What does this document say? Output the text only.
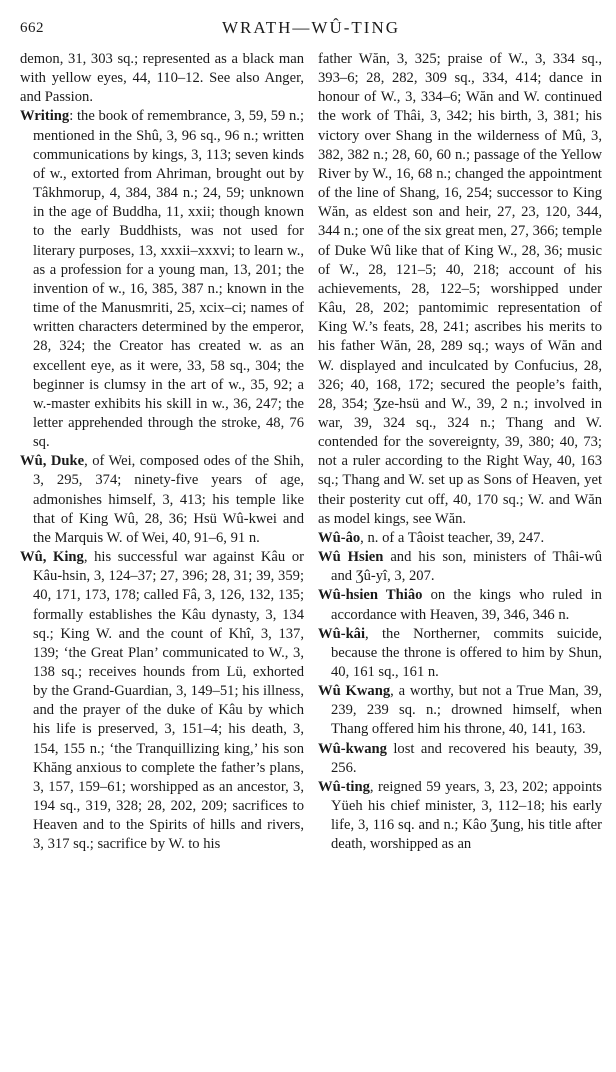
662	WRATH—WÛ-TING

demon, 31, 303 sq.; represented as a black man with yellow eyes, 44, 110–12. See also Anger, and Passion.

Writing: the book of remembrance, 3, 59, 59 n.; mentioned in the Shû, 3, 96 sq., 96 n.; written communications by kings, 3, 113; seven kinds of w., extorted from Ahriman, brought out by Tâkhmorup, 4, 384, 384 n.; 24, 59; unknown in the age of Buddha, 11, xxii; though known to the early Buddhists, was not used for literary purposes, 13, xxxii–xxxvi; to learn w., as a profession for a young man, 13, 201; the invention of w., 16, 385, 387 n.; known in the time of the Manusmriti, 25, xcix–ci; names of written characters determined by the emperor, 28, 324; the Creator has created w. as an excellent eye, as it were, 33, 58 sq., 304; the beginner is clumsy in the art of w., 35, 92; a w.-master exhibits his skill in w., 36, 247; the letter apprehended through the stroke, 48, 76 sq.

Wû, Duke, of Wei, composed odes of the Shih, 3, 295, 374; ninety-five years of age, admonishes himself, 3, 413; his temple like that of King Wû, 28, 36; Hsü Wû-kwei and the Marquis W. of Wei, 40, 91–6, 91 n.

Wû, King, his successful war against Kâu or Kâu-hsin, 3, 124–37; 27, 396; 28, 31; 39, 359; 40, 171, 173, 178; called Fâ, 3, 126, 132, 135; formally establishes the Kâu dynasty, 3, 134 sq.; King W. and the count of Khî, 3, 137, 139; ‘the Great Plan’ communicated to W., 3, 138 sq.; receives hounds from Lü, exhorted by the Grand-Guardian, 3, 149–51; his illness, and the prayer of the duke of Kâu by which his life is preserved, 3, 151–4; his death, 3, 154, 155 n.; ‘the Tranquillizing king,’ his son Khăng anxious to complete the father’s plans, 3, 157, 159–61; worshipped as an ancestor, 3, 194 sq., 319, 328; 28, 202, 209; sacrifices to Heaven and to the Spirits of hills and rivers, 3, 317 sq.; sacrifice by W. to his

father Wăn, 3, 325; praise of W., 3, 334 sq., 393–6; 28, 282, 309 sq., 334, 414; dance in honour of W., 3, 334–6; Wăn and W. continued the work of Thâi, 3, 342; his birth, 3, 381; his victory over Shang in the wilderness of Mû, 3, 382, 382 n.; 28, 60, 60 n.; passage of the Yellow River by W., 16, 68 n.; changed the appointment of the line of Shang, 16, 254; successor to King Wăn, as eldest son and heir, 27, 23, 120, 344, 344 n.; one of the six great men, 27, 366; temple of Duke Wû like that of King W., 28, 36; music of W., 28, 121–5; 40, 218; account of his achievements, 28, 122–5; worshipped under Kâu, 28, 202; pantomimic representation of King W.’s feats, 28, 241; ascribes his merits to his father Wăn, 28, 289 sq.; ways of Wăn and W. displayed and inculcated by Confucius, 28, 326; 40, 168, 172; secured the people’s faith, 28, 354; Ʒze-hsü and W., 39, 2 n.; involved in war, 39, 324 sq., 324 n.; Thang and W. contended for the sovereignty, 39, 380; 40, 73; not a ruler according to the Right Way, 40, 163 sq.; Thang and W. set up as Sons of Heaven, yet their posterity cut off, 40, 170 sq.; W. and Wăn as model kings, see Wăn.

Wû-âo, n. of a Tâoist teacher, 39, 247.

Wû Hsien and his son, ministers of Thâi-wû and Ʒû-yî, 3, 207.

Wû-hsien Thiâo on the kings who ruled in accordance with Heaven, 39, 346, 346 n.

Wû-kâi, the Northerner, commits suicide, because the throne is offered to him by Shun, 40, 161 sq., 161 n.

Wû Kwang, a worthy, but not a True Man, 39, 239, 239 sq. n.; drowned himself, when Thang offered him his throne, 40, 141, 163.

Wû-kwang lost and recovered his beauty, 39, 256.

Wû-ting, reigned 59 years, 3, 23, 202; appoints Yüeh his chief minister, 3, 112–18; his early life, 3, 116 sq. and n.; Kâo Ʒung, his title after death, worshipped as an
